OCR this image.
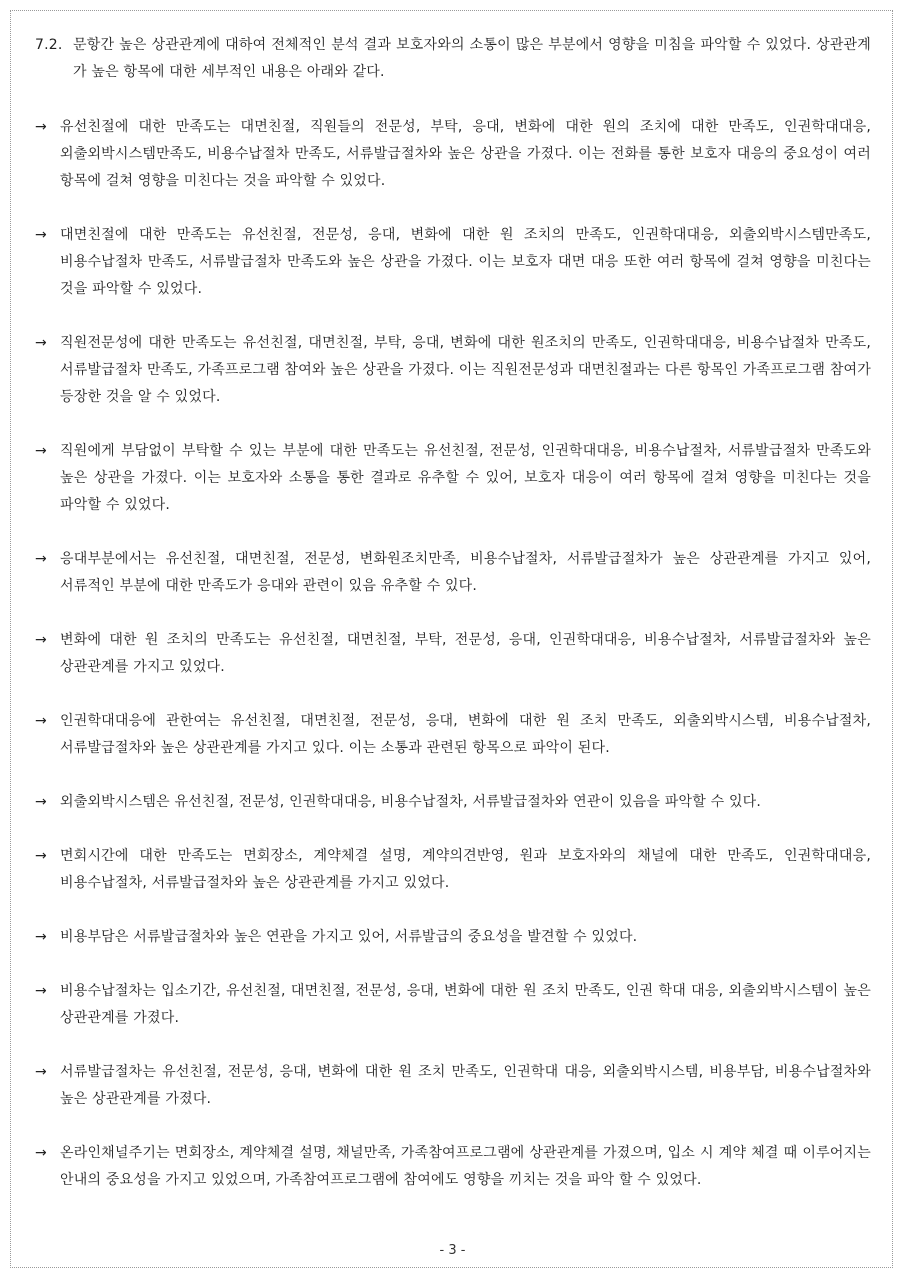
7.2. 문항간 높은 상관관계에 대하여 전체적인 분석 결과 보호자와의 소통이 많은 부분에서 영향을 미침을 파악할 수 있었다. 상관관계가 높은 항목에 대한 세부적인 내용은 아래와 같다.
→ 유선친절에 대한 만족도는 대면친절, 직원들의 전문성, 부탁, 응대, 변화에 대한 원의 조치에 대한 만족도, 인권학대대응, 외출외박시스템만족도, 비용수납절차 만족도, 서류발급절차와 높은 상관을 가졌다. 이는 전화를 통한 보호자 대응의 중요성이 여러 항목에 걸쳐 영향을 미친다는 것을 파악할 수 있었다.
→ 대면친절에 대한 만족도는 유선친절, 전문성, 응대, 변화에 대한 원 조치의 만족도, 인권학대대응, 외출외박시스템만족도, 비용수납절차 만족도, 서류발급절차 만족도와 높은 상관을 가졌다. 이는 보호자 대면 대응 또한 여러 항목에 걸쳐 영향을 미친다는 것을 파악할 수 있었다.
→ 직원전문성에 대한 만족도는 유선친절, 대면친절, 부탁, 응대, 변화에 대한 원조치의 만족도, 인권학대대응, 비용수납절차 만족도, 서류발급절차 만족도, 가족프로그램 참여와 높은 상관을 가졌다. 이는 직원전문성과 대면친절과는 다른 항목인 가족프로그램 참여가 등장한 것을 알 수 있었다.
→ 직원에게 부담없이 부탁할 수 있는 부분에 대한 만족도는 유선친절, 전문성, 인권학대대응, 비용수납절차, 서류발급절차 만족도와 높은 상관을 가졌다. 이는 보호자와 소통을 통한 결과로 유추할 수 있어, 보호자 대응이 여러 항목에 걸쳐 영향을 미친다는 것을 파악할 수 있었다.
→ 응대부분에서는 유선친절, 대면친절, 전문성, 변화원조치만족, 비용수납절차, 서류발급절차가 높은 상관관계를 가지고 있어, 서류적인 부분에 대한 만족도가 응대와 관련이 있음 유추할 수 있다.
→ 변화에 대한 원 조치의 만족도는 유선친절, 대면친절, 부탁, 전문성, 응대, 인권학대대응, 비용수납절차, 서류발급절차와 높은 상관관계를 가지고 있었다.
→ 인권학대대응에 관한여는 유선친절, 대면친절, 전문성, 응대, 변화에 대한 원 조치 만족도, 외출외박시스템, 비용수납절차, 서류발급절차와 높은 상관관계를 가지고 있다. 이는 소통과 관련된 항목으로 파악이 된다.
→ 외출외박시스템은 유선친절, 전문성, 인권학대대응, 비용수납절차, 서류발급절차와 연관이 있음을 파악할 수 있다.
→ 면회시간에 대한 만족도는 면회장소, 계약체결 설명, 계약의견반영, 원과 보호자와의 채널에 대한 만족도, 인권학대대응, 비용수납절차, 서류발급절차와 높은 상관관계를 가지고 있었다.
→ 비용부담은 서류발급절차와 높은 연관을 가지고 있어, 서류발급의 중요성을 발견할 수 있었다.
→ 비용수납절차는 입소기간, 유선친절, 대면친절, 전문성, 응대, 변화에 대한 원 조치 만족도, 인권 학대 대응, 외출외박시스템이 높은 상관관계를 가졌다.
→ 서류발급절차는 유선친절, 전문성, 응대, 변화에 대한 원 조치 만족도, 인권학대 대응, 외출외박시스템, 비용부담, 비용수납절차와 높은 상관관계를 가졌다.
→ 온라인채널주기는 면회장소, 계약체결 설명, 채널만족, 가족참여프로그램에 상관관계를 가졌으며, 입소 시 계약 체결 때 이루어지는 안내의 중요성을 가지고 있었으며, 가족참여프로그램에 참여에도 영향을 끼치는 것을 파악 할 수 있었다.
- 3 -
